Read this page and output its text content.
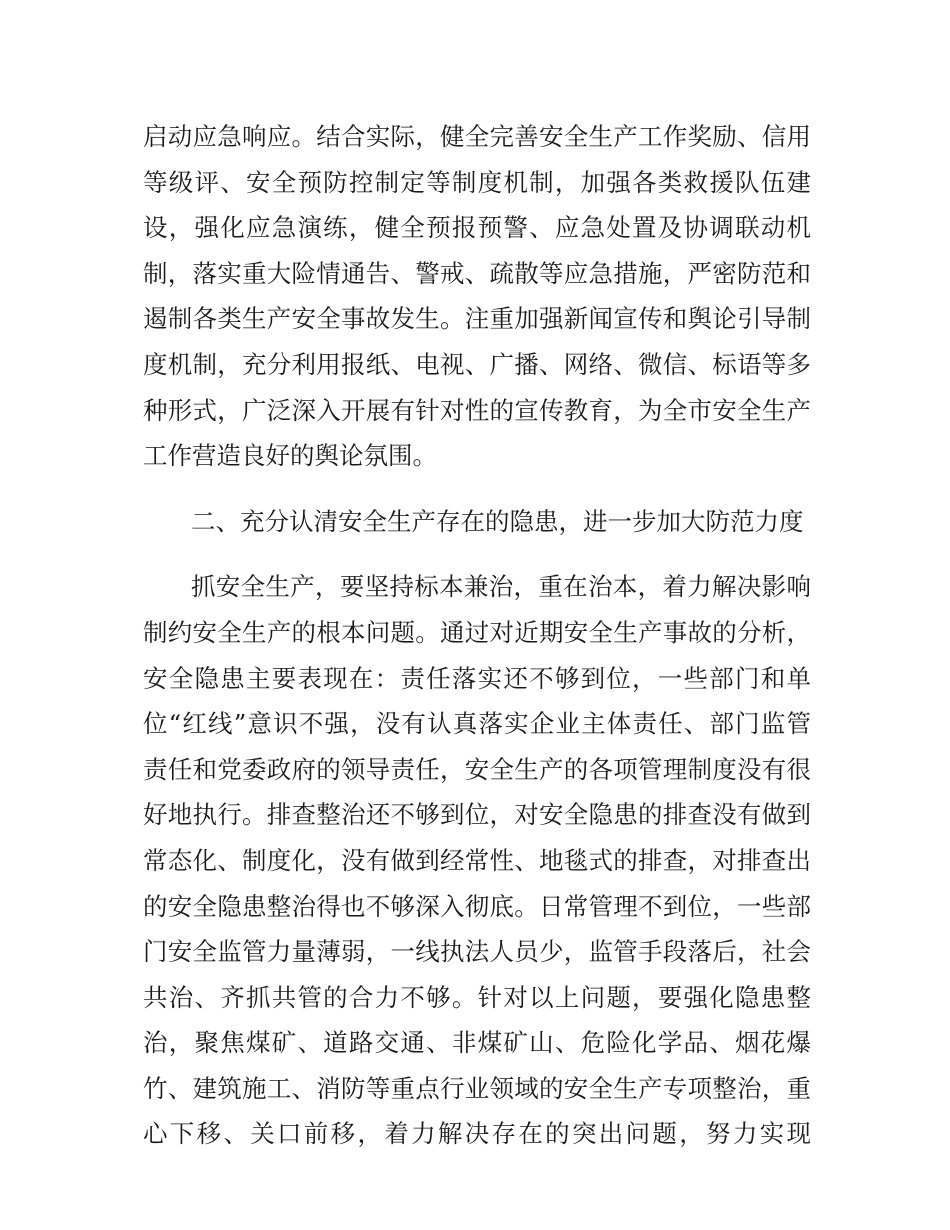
启动应急响应。结合实际，健全完善安全生产工作奖励、信用
等级评、安全预防控制定等制度机制，加强各类救援队伍建
设，强化应急演练，健全预报预警、应急处置及协调联动机
制，落实重大险情通告、警戒、疏散等应急措施，严密防范和
遏制各类生产安全事故发生。注重加强新闻宣传和舆论引导制
度机制，充分利用报纸、电视、广播、网络、微信、标语等多
种形式，广泛深入开展有针对性的宣传教育，为全市安全生产
工作营造良好的舆论氛围。
二、充分认清安全生产存在的隐患，进一步加大防范力度
抓安全生产，要坚持标本兼治，重在治本，着力解决影响
制约安全生产的根本问题。通过对近期安全生产事故的分析，
安全隐患主要表现在：责任落实还不够到位，一些部门和单
位“红线”意识不强，没有认真落实企业主体责任、部门监管
责任和党委政府的领导责任，安全生产的各项管理制度没有很
好地执行。排查整治还不够到位，对安全隐患的排查没有做到
常态化、制度化，没有做到经常性、地毯式的排查，对排查出
的安全隐患整治得也不够深入彻底。日常管理不到位，一些部
门安全监管力量薄弱，一线执法人员少，监管手段落后，社会
共治、齐抓共管的合力不够。针对以上问题，要强化隐患整
治，聚焦煤矿、道路交通、非煤矿山、危险化学品、烟花爆
竹、建筑施工、消防等重点行业领域的安全生产专项整治，重
心下移、关口前移，着力解决存在的突出问题，努力实现
